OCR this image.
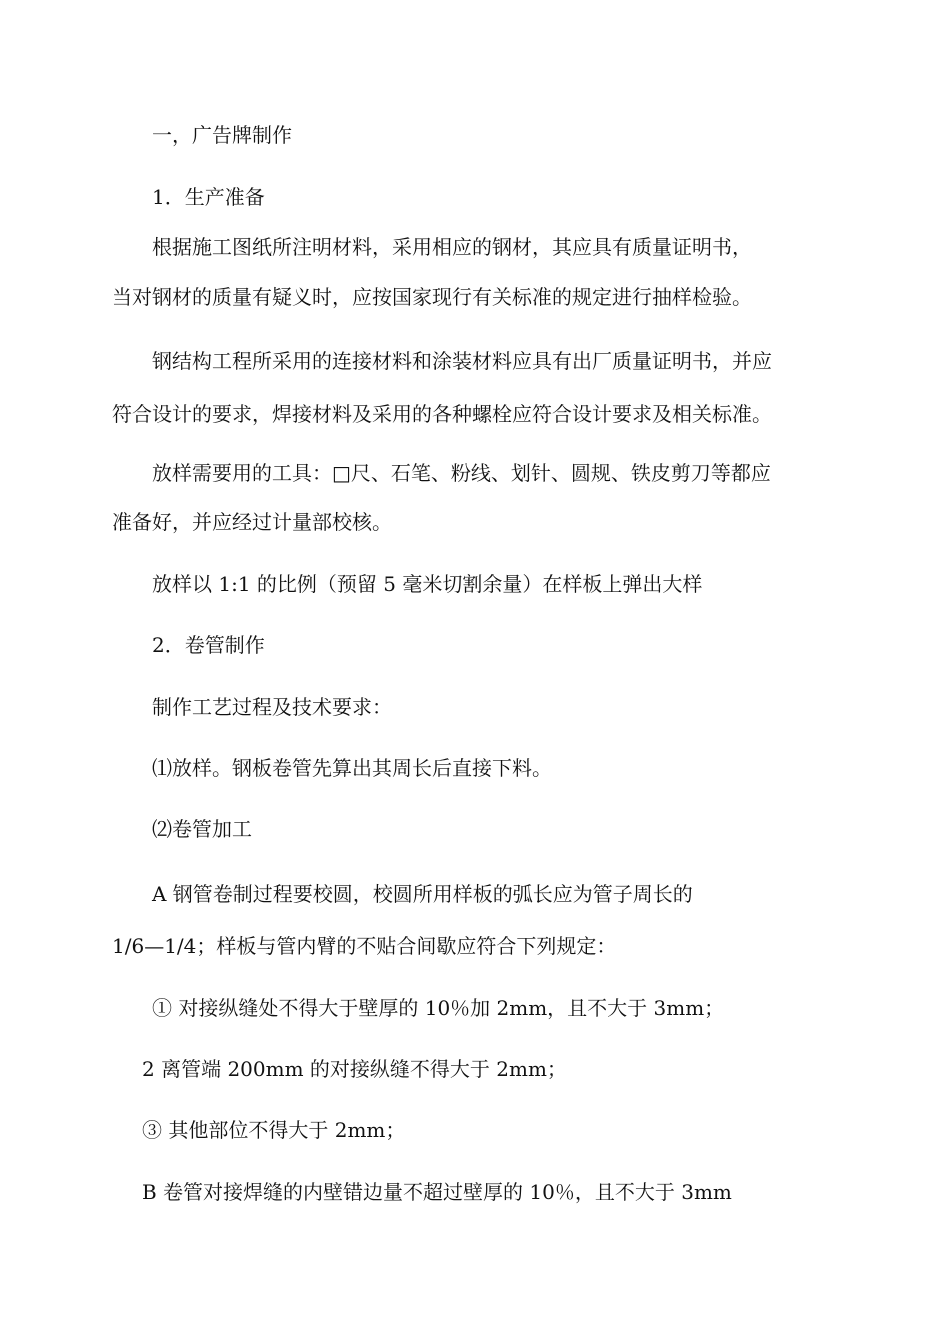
一，广告牌制作

1．生产准备

根据施工图纸所注明材料，采用相应的钢材，其应具有质量证明书，

当对钢材的质量有疑义时，应按国家现行有关标准的规定进行抽样检验。

钢结构工程所采用的连接材料和涂装材料应具有出厂质量证明书，并应

符合设计的要求，焊接材料及采用的各种螺栓应符合设计要求及相关标准。

放样需要用的工具：□尺、石笔、粉线、划针、圆规、铁皮剪刀等都应

准备好，并应经过计量部校核。

放样以 1:1 的比例（预留 5 毫米切割余量）在样板上弹出大样

2．卷管制作

制作工艺过程及技术要求：

⑴放样。钢板卷管先算出其周长后直接下料。

⑵卷管加工

A 钢管卷制过程要校圆，校圆所用样板的弧长应为管子周长的

1/6—1/4；样板与管内臂的不贴合间歇应符合下列规定：

① 对接纵缝处不得大于壁厚的 10％加 2mm，且不大于 3mm；

2 离管端 200mm 的对接纵缝不得大于 2mm；

③ 其他部位不得大于 2mm；

B 卷管对接焊缝的内壁错边量不超过壁厚的 10％，且不大于 3mm
